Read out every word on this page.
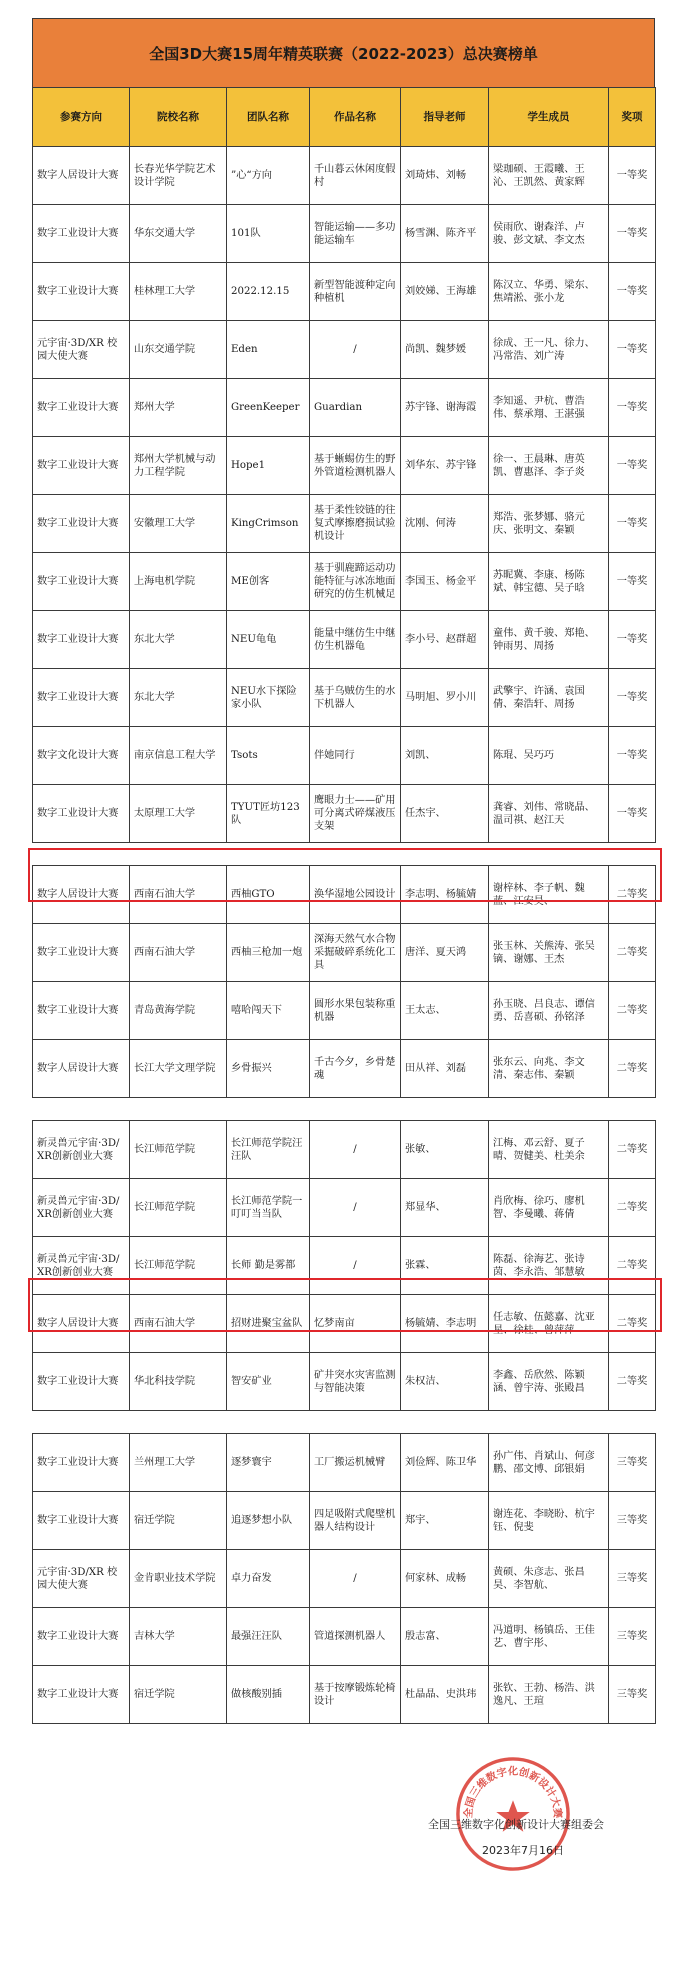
全国3D大赛15周年精英联赛（2022-2023）总决赛榜单
参赛方向	院校名称	团队名称	作品名称	指导老师	学生成员	奖项
数字人居设计大赛	长春光华学院艺术设计学院	”心“方向	千山暮云休闲度假村	刘琦炜、刘畅	梁珈硕、王霞曦、王沁、王凯然、黄家辉	一等奖
数字工业设计大赛	华东交通大学	101队	智能运输——多功能运输车	杨雪渊、陈齐平	侯雨欣、谢森洋、卢骏、彭文斌、李文杰	一等奖
数字工业设计大赛	桂林理工大学	2022.12.15	新型智能渡种定向种植机	刘姣娣、王海雄	陈汉立、华勇、梁东、焦靖淞、张小龙	一等奖
元宇宙·3D/XR 校园大使大赛	山东交通学院	Eden	/	尚凯、魏梦媛	徐成、王一凡、徐力、冯常浩、刘广涛	一等奖
数字工业设计大赛	郑州大学	GreenKeeper	Guardian	苏宇锋、谢海霞	李知遥、尹杭、曹浩伟、蔡承翔、王湛强	一等奖
数字工业设计大赛	郑州大学机械与动力工程学院	Hope1	基于蜥蜴仿生的野外管道检测机器人	刘华东、苏宇锋	徐一、王晨琳、唐英凯、曹惠泽、李子炎	一等奖
数字工业设计大赛	安徽理工大学	KingCrimson	基于柔性铰链的往复式摩擦磨损试验机设计	沈刚、何涛	郑浩、张梦娜、骆元庆、张明文、秦颖	一等奖
数字工业设计大赛	上海电机学院	ME创客	基于驯鹿蹄运动功能特征与冰冻地面研究的仿生机械足	李国玉、杨金平	苏昵冀、李康、杨陈斌、韩宝德、吴子晗	一等奖
数字工业设计大赛	东北大学	NEU龟龟	能量中继仿生中继仿生机器龟	李小号、赵群超	童伟、黄千骏、郑艳、钟雨男、周扬	一等奖
数字工业设计大赛	东北大学	NEU水下探险家小队	基于乌贼仿生的水下机器人	马明旭、罗小川	武擎宇、许涵、袁国倩、秦浩轩、周扬	一等奖
数字文化设计大赛	南京信息工程大学	Tsots	伴她同行	刘凯、	陈琨、吴巧巧	一等奖
数字工业设计大赛	太原理工大学	TYUT匠坊123队	鹰眼力士——矿用可分离式碎煤液压支架	任杰宇、	龚睿、刘伟、常晓晶、温司祺、赵江天	一等奖

数字人居设计大赛	西南石油大学	西柚GTO	涣华湿地公园设计	李志明、杨毓婧	谢梓林、李子帆、魏蓝、江安昊、	二等奖
数字工业设计大赛	西南石油大学	西柚三枪加一炮	深海天然气水合物采掘破碎系统化工具	唐洋、夏天鸿	张玉林、关熊涛、张吴镝、谢娜、王杰	二等奖
数字工业设计大赛	青岛黄海学院	嘻哈闯天下	圆形水果包装称重机器	王太志、	孙玉晓、吕良志、谭信勇、岳喜硕、孙铭泽	二等奖
数字人居设计大赛	长江大学文理学院	乡骨振兴	千古今夕，乡骨楚魂	田从祥、刘磊	张东云、向兆、李文清、秦志伟、秦颖	二等奖

新灵兽元宇宙·3D/XR创新创业大赛	长江师范学院	长江师范学院汪汪队	/	张敏、	江梅、邓云舒、夏子晴、贺健美、杜美余	二等奖
新灵兽元宇宙·3D/XR创新创业大赛	长江师范学院	长江师范学院一叮叮当当队	/	郑显华、	肖欣梅、徐巧、廖机智、李曼曦、蒋倩	二等奖
新灵兽元宇宙·3D/XR创新创业大赛	长江师范学院	长师 勤是雾都	/	张霖、	陈磊、徐海艺、张诗茵、李永浩、邹慧敏	二等奖
数字人居设计大赛	西南石油大学	招财进聚宝盆队	忆梦南亩	杨毓婧、李志明	任志敏、伍懿嘉、沈亚星、徐桂、曾萍萍	二等奖
数字工业设计大赛	华北科技学院	智安矿业	矿井突水灾害监测与智能决策	朱权洁、	李鑫、岳欣然、陈颖涵、曾宇涛、张殿昌	二等奖

数字工业设计大赛	兰州理工大学	逐梦寰宇	工厂搬运机械臂	刘俭辉、陈卫华	孙广伟、肖斌山、何彦鹏、邵文博、邱银娟	三等奖
数字工业设计大赛	宿迁学院	追逐梦想小队	四足吸附式爬壁机器人结构设计	郑宇、	谢连花、李晓盼、杭宇钰、倪斐	三等奖
元宇宙·3D/XR 校园大使大赛	金肯职业技术学院	卓力奋发	/	何家林、成畅	黄硕、朱彦志、张昌昊、李智航、	三等奖
数字工业设计大赛	吉林大学	最强汪汪队	管道探测机器人	殷志富、	冯道明、杨镇岳、王佳艺、曹宇彤、	三等奖
数字工业设计大赛	宿迁学院	做核酸别插	基于按摩锻炼轮椅设计	杜晶晶、史洪玮	张钦、王勃、杨浩、洪逸凡、王瑄	三等奖
全国三维数字化创新设计大赛
全国三维数字化创新设计大赛组委会
2023年7月16日
